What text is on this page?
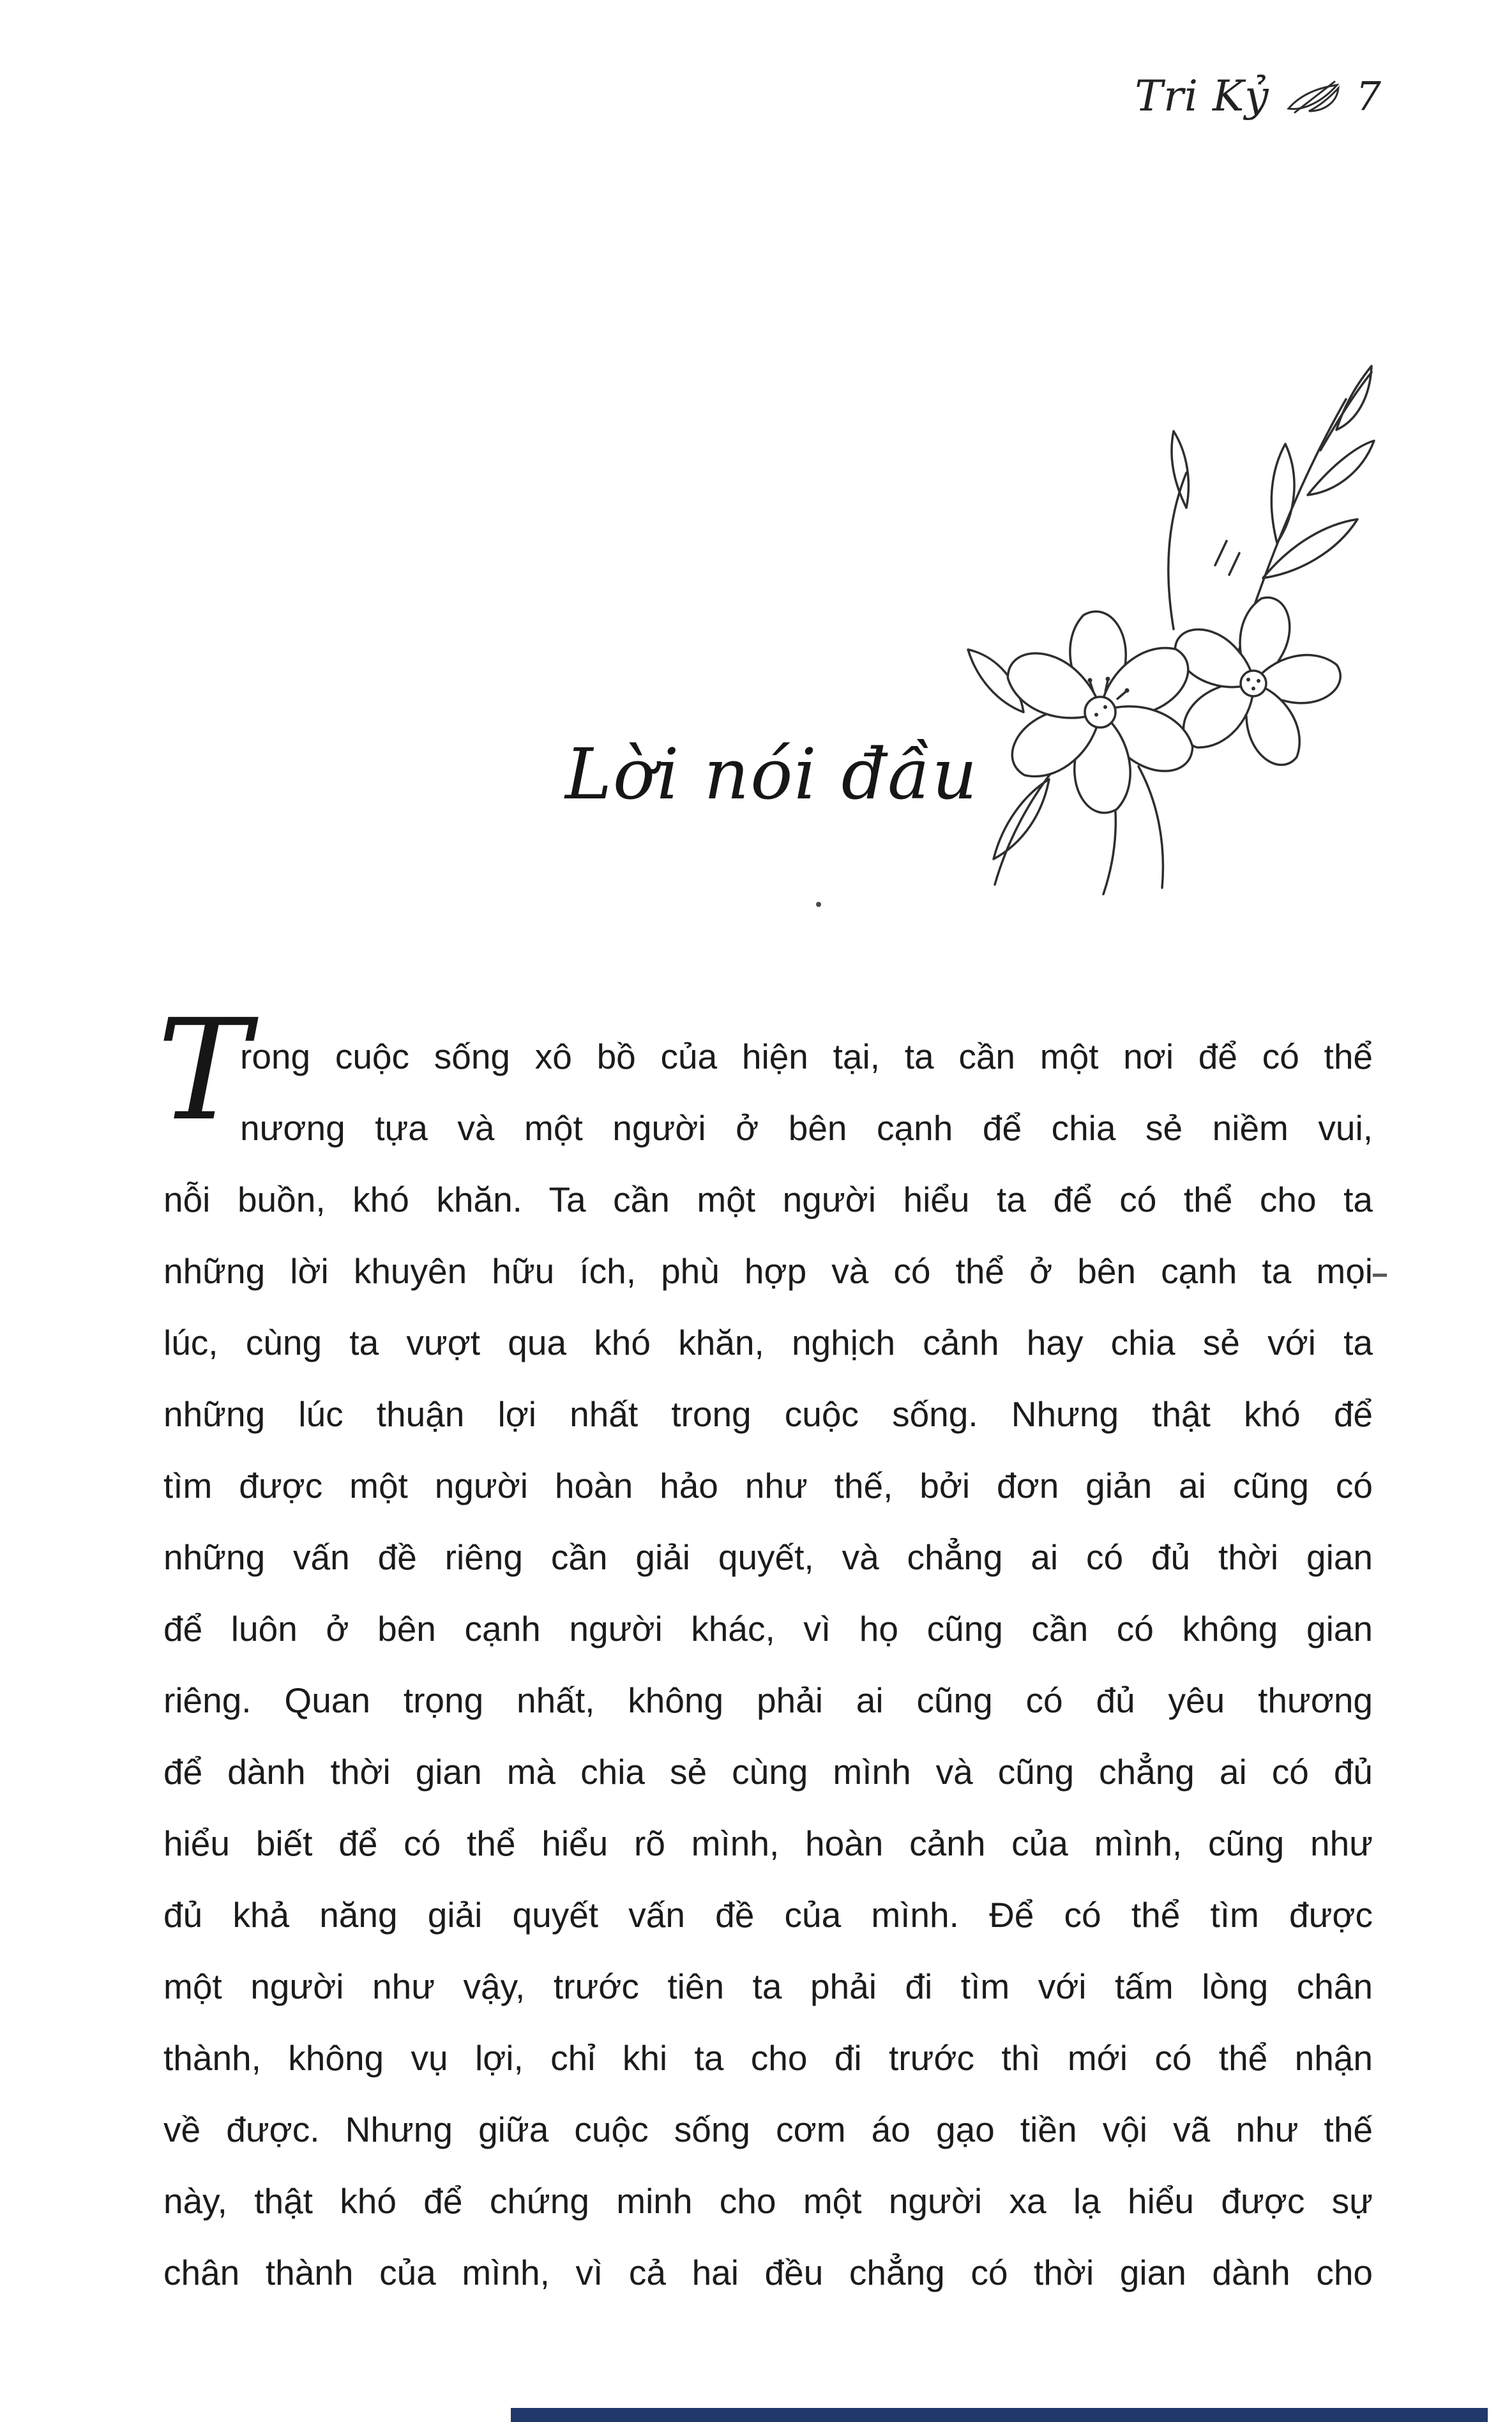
Tri Kỷ 7
Lời nói đầu
T
rong cuộc sống xô bồ của hiện tại, ta cần một nơi để có thể
nương tựa và một người ở bên cạnh để chia sẻ niềm vui,
nỗi buồn, khó khăn. Ta cần một người hiểu ta để có thể cho ta
những lời khuyên hữu ích, phù hợp và có thể ở bên cạnh ta mọi
lúc, cùng ta vượt qua khó khăn, nghịch cảnh hay chia sẻ với ta
những lúc thuận lợi nhất trong cuộc sống. Nhưng thật khó để
tìm được một người hoàn hảo như thế, bởi đơn giản ai cũng có
những vấn đề riêng cần giải quyết, và chẳng ai có đủ thời gian
để luôn ở bên cạnh người khác, vì họ cũng cần có không gian
riêng. Quan trọng nhất, không phải ai cũng có đủ yêu thương
để dành thời gian mà chia sẻ cùng mình và cũng chẳng ai có đủ
hiểu biết để có thể hiểu rõ mình, hoàn cảnh của mình, cũng như
đủ khả năng giải quyết vấn đề của mình. Để có thể tìm được
một người như vậy, trước tiên ta phải đi tìm với tấm lòng chân
thành, không vụ lợi, chỉ khi ta cho đi trước thì mới có thể nhận
về được. Nhưng giữa cuộc sống cơm áo gạo tiền vội vã như thế
này, thật khó để chứng minh cho một người xa lạ hiểu được sự
chân thành của mình, vì cả hai đều chẳng có thời gian dành cho
